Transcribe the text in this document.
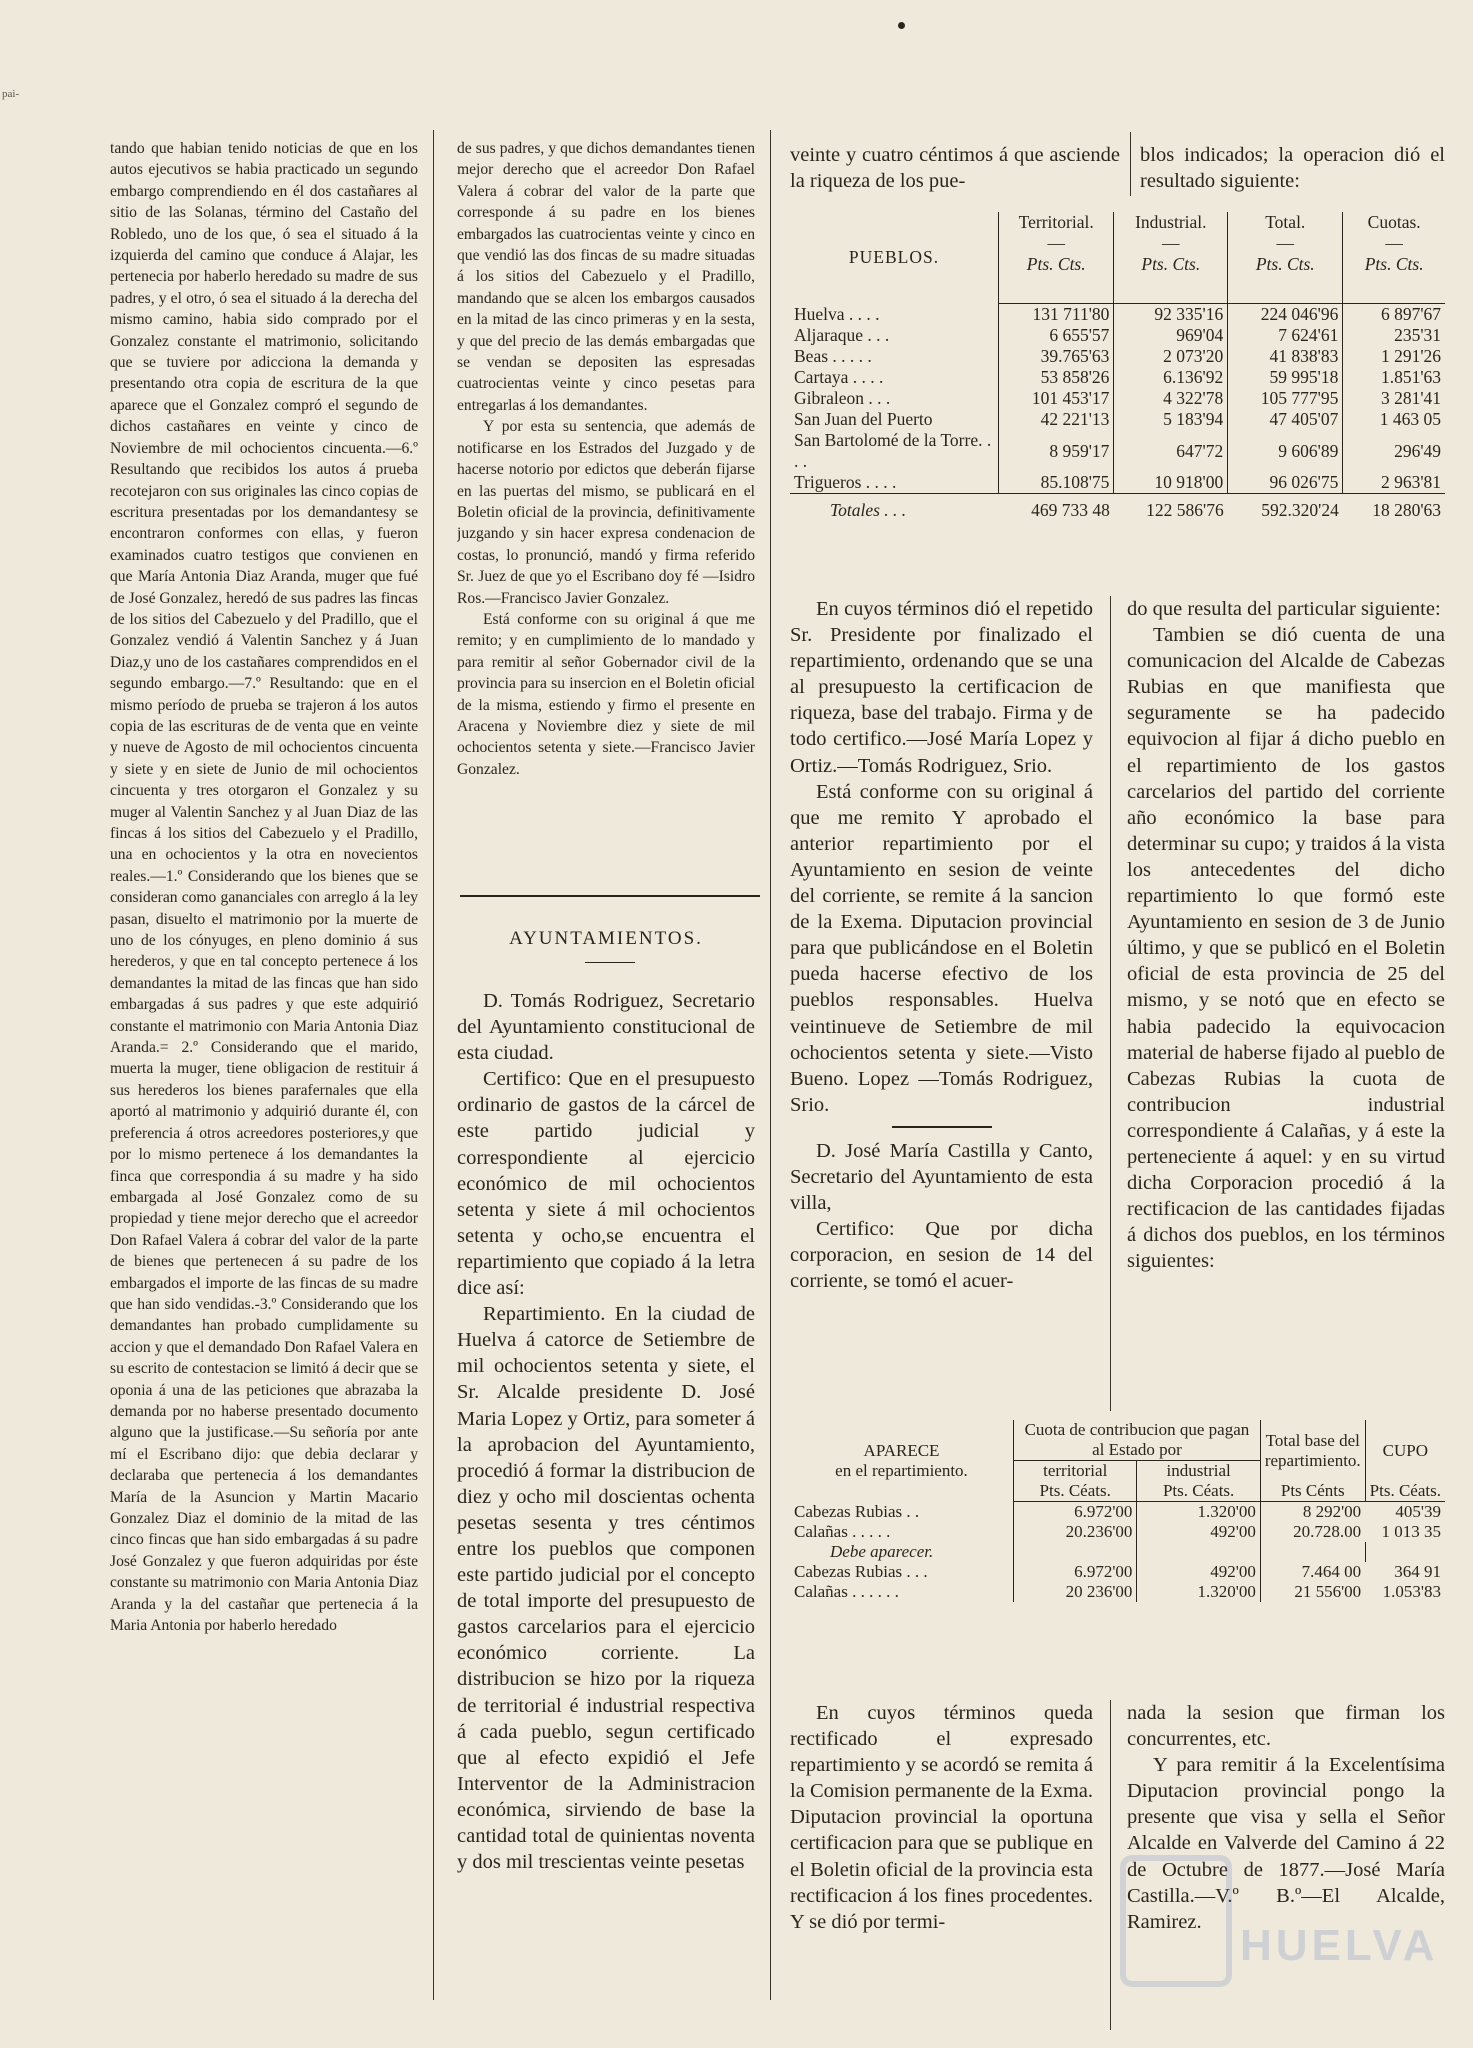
pai-

tando que habian tenido noticias de que en los autos ejecutivos se habia practicado un segundo embargo comprendiendo en él dos castañares al sitio de las Solanas, término del Castaño del Robledo, uno de los que, ó sea el situado á la izquierda del camino que conduce á Alajar, les pertenecia por haberlo heredado su madre de sus padres, y el otro, ó sea el situado á la derecha del mismo camino, habia sido comprado por el Gonzalez constante el matrimonio, solicitando que se tuviere por adicciona la demanda y presentando otra copia de escritura de la que aparece que el Gonzalez compró el segundo de dichos castañares en veinte y cinco de Noviembre de mil ochocientos cincuenta.—6.º Resultando que recibidos los autos á prueba recotejaron con sus originales las cinco copias de escritura presentadas por los demandantesy se encontraron conformes con ellas, y fueron examinados cuatro testigos que convienen en que María Antonia Diaz Aranda, muger que fué de José Gonzalez, heredó de sus padres las fincas de los sitios del Cabezuelo y del Pradillo, que el Gonzalez vendió á Valentin Sanchez y á Juan Diaz,y uno de los castañares comprendidos en el segundo embargo.—7.º Resultando: que en el mismo período de prueba se trajeron á los autos copia de las escrituras de de venta que en veinte y nueve de Agosto de mil ochocientos cincuenta y siete y en siete de Junio de mil ochocientos cincuenta y tres otorgaron el Gonzalez y su muger al Valentin Sanchez y al Juan Diaz de las fincas á los sitios del Cabezuelo y el Pradillo, una en ochocientos y la otra en novecientos reales.—1.º Considerando que los bienes que se consideran como gananciales con arreglo á la ley pasan, disuelto el matrimonio por la muerte de uno de los cónyuges, en pleno dominio á sus herederos, y que en tal concepto pertenece á los demandantes la mitad de las fincas que han sido embargadas á sus padres y que este adquirió constante el matrimonio con Maria Antonia Diaz Aranda.= 2.º Considerando que el marido, muerta la muger, tiene obligacion de restituir á sus herederos los bienes parafernales que ella aportó al matrimonio y adquirió durante él, con preferencia á otros acreedores posteriores,y que por lo mismo pertenece á los demandantes la finca que correspondia á su madre y ha sido embargada al José Gonzalez como de su propiedad y tiene mejor derecho que el acreedor Don Rafael Valera á cobrar del valor de la parte de bienes que pertenecen á su padre de los embargados el importe de las fincas de su madre que han sido vendidas.-3.º Considerando que los demandantes han probado cumplidamente su accion y que el demandado Don Rafael Valera en su escrito de contestacion se limitó á decir que se oponia á una de las peticiones que abrazaba la demanda por no haberse presentado documento alguno que la justificase.—Su señoría por ante mí el Escribano dijo: que debia declarar y declaraba que pertenecia á los demandantes María de la Asuncion y Martin Macario Gonzalez Diaz el dominio de la mitad de las cinco fincas que han sido embargadas á su padre José Gonzalez y que fueron adquiridas por éste constante su matrimonio con Maria Antonia Diaz Aranda y la del castañar que pertenecia á la Maria Antonia por haberlo heredado

de sus padres, y que dichos demandantes tienen mejor derecho que el acreedor Don Rafael Valera á cobrar del valor de la parte que corresponde á su padre en los bienes embargados las cuatrocientas veinte y cinco en que vendió las dos fincas de su madre situadas á los sitios del Cabezuelo y el Pradillo, mandando que se alcen los embargos causados en la mitad de las cinco primeras y en la sesta, y que del precio de las demás embargadas que se vendan se depositen las espresadas cuatrocientas veinte y cinco pesetas para entregarlas á los demandantes.

Y por esta su sentencia, que además de notificarse en los Estrados del Juzgado y de hacerse notorio por edictos que deberán fijarse en las puertas del mismo, se publicará en el Boletin oficial de la provincia, definitivamente juzgando y sin hacer expresa condenacion de costas, lo pronunció, mandó y firma referido Sr. Juez de que yo el Escribano doy fé —Isidro Ros.—Francisco Javier Gonzalez.

Está conforme con su original á que me remito; y en cumplimiento de lo mandado y para remitir al señor Gobernador civil de la provincia para su insercion en el Boletin oficial de la misma, estiendo y firmo el presente en Aracena y Noviembre diez y siete de mil ochocientos setenta y siete.—Francisco Javier Gonzalez.

AYUNTAMIENTOS.

D. Tomás Rodriguez, Secretario del Ayuntamiento constitucional de esta ciudad.

Certifico: Que en el presupuesto ordinario de gastos de la cárcel de este partido judicial y correspondiente al ejercicio económico de mil ochocientos setenta y siete á mil ochocientos setenta y ocho,se encuentra el repartimiento que copiado á la letra dice así:

Repartimiento. En la ciudad de Huelva á catorce de Setiembre de mil ochocientos setenta y siete, el Sr. Alcalde presidente D. José Maria Lopez y Ortiz, para someter á la aprobacion del Ayuntamiento, procedió á formar la distribucion de diez y ocho mil doscientas ochenta pesetas sesenta y tres céntimos entre los pueblos que componen este partido judicial por el concepto de total importe del presupuesto de gastos carcelarios para el ejercicio económico corriente. La distribucion se hizo por la riqueza de territorial é industrial respectiva á cada pueblo, segun certificado que al efecto expidió el Jefe Interventor de la Administracion económica, sirviendo de base la cantidad total de quinientas noventa y dos mil trescientas veinte pesetas

veinte y cuatro céntimos á que asciende la riqueza de los pue-

blos indicados; la operacion dió el resultado siguiente:

PUEBLOS.	Territorial.	Industrial.	Total.	Cuotas.
	—	—	—	—
	Pts. Cts.	Pts. Cts.	Pts. Cts.	Pts. Cts.
Huelva . . . .	131 711'80	92 335'16	224 046'96	6 897'67
Aljaraque . . .	6 655'57	969'04	7 624'61	235'31
Beas . . . . .	39.765'63	2 073'20	41 838'83	1 291'26
Cartaya . . . .	53 858'26	6.136'92	59 995'18	1.851'63
Gibraleon . . .	101 453'17	4 322'78	105 777'95	3 281'41
San Juan del Puerto	42 221'13	5 183'94	47 405'07	1 463 05
San Bartolomé de la Torre. . . .	8 959'17	647'72	9 606'89	296'49
Trigueros . . . .	85.108'75	10 918'00	96 026'75	2 963'81
Totales . . .	469 733 48	122 586'76	592.320'24	18 280'63

En cuyos términos dió el repetido Sr. Presidente por finalizado el repartimiento, ordenando que se una al presupuesto la certificacion de riqueza, base del trabajo. Firma y de todo certifico.—José María Lopez y Ortiz.—Tomás Rodriguez, Srio.

Está conforme con su original á que me remito Y aprobado el anterior repartimiento por el Ayuntamiento en sesion de veinte del corriente, se remite á la sancion de la Exema. Diputacion provincial para que publicándose en el Boletin pueda hacerse efectivo de los pueblos responsables. Huelva veintinueve de Setiembre de mil ochocientos setenta y siete.—Visto Bueno. Lopez —Tomás Rodriguez, Srio.

D. José María Castilla y Canto, Secretario del Ayuntamiento de esta villa,

Certifico: Que por dicha corporacion, en sesion de 14 del corriente, se tomó el acuer-

do que resulta del particular siguiente:

Tambien se dió cuenta de una comunicacion del Alcalde de Cabezas Rubias en que manifiesta que seguramente se ha padecido equivocion al fijar á dicho pueblo en el repartimiento de los gastos carcelarios del partido del corriente año económico la base para determinar su cupo; y traidos á la vista los antecedentes del dicho repartimiento lo que formó este Ayuntamiento en sesion de 3 de Junio último, y que se publicó en el Boletin oficial de esta provincia de 25 del mismo, y se notó que en efecto se habia padecido la equivocacion material de haberse fijado al pueblo de Cabezas Rubias la cuota de contribucion industrial correspondiente á Calañas, y á este la perteneciente á aquel: y en su virtud dicha Corporacion procedió á la rectificacion de las cantidades fijadas á dichos dos pueblos, en los términos siguientes:

APARECE
en el repartimiento.	Cuota de contribucion que pagan al Estado por		Total base del repartimiento.	CUPO
	territorial	industrial		
	Pts. Céats.	Pts. Céats.	Pts Cénts	Pts. Céats.
Cabezas Rubias . .	6.972'00	1.320'00	8 292'00	405'39
Calañas . . . . .	20.236'00	492'00	20.728.00	1 013 35
Debe aparecer.				
Cabezas Rubias . . .	6.972'00	492'00	7.464 00	364 91
Calañas . . . . . .	20 236'00	1.320'00	21 556'00	1.053'83

En cuyos términos queda rectificado el expresado repartimiento y se acordó se remita á la Comision permanente de la Exma. Diputacion provincial la oportuna certificacion para que se publique en el Boletin oficial de la provincia esta rectificacion á los fines procedentes. Y se dió por termi-

nada la sesion que firman los concurrentes, etc.

Y para remitir á la Excelentísima Diputacion provincial pongo la presente que visa y sella el Señor Alcalde en Valverde del Camino á 22 de Octubre de 1877.—José María Castilla.—V.º B.º—El Alcalde, Ramirez. HUELVA
